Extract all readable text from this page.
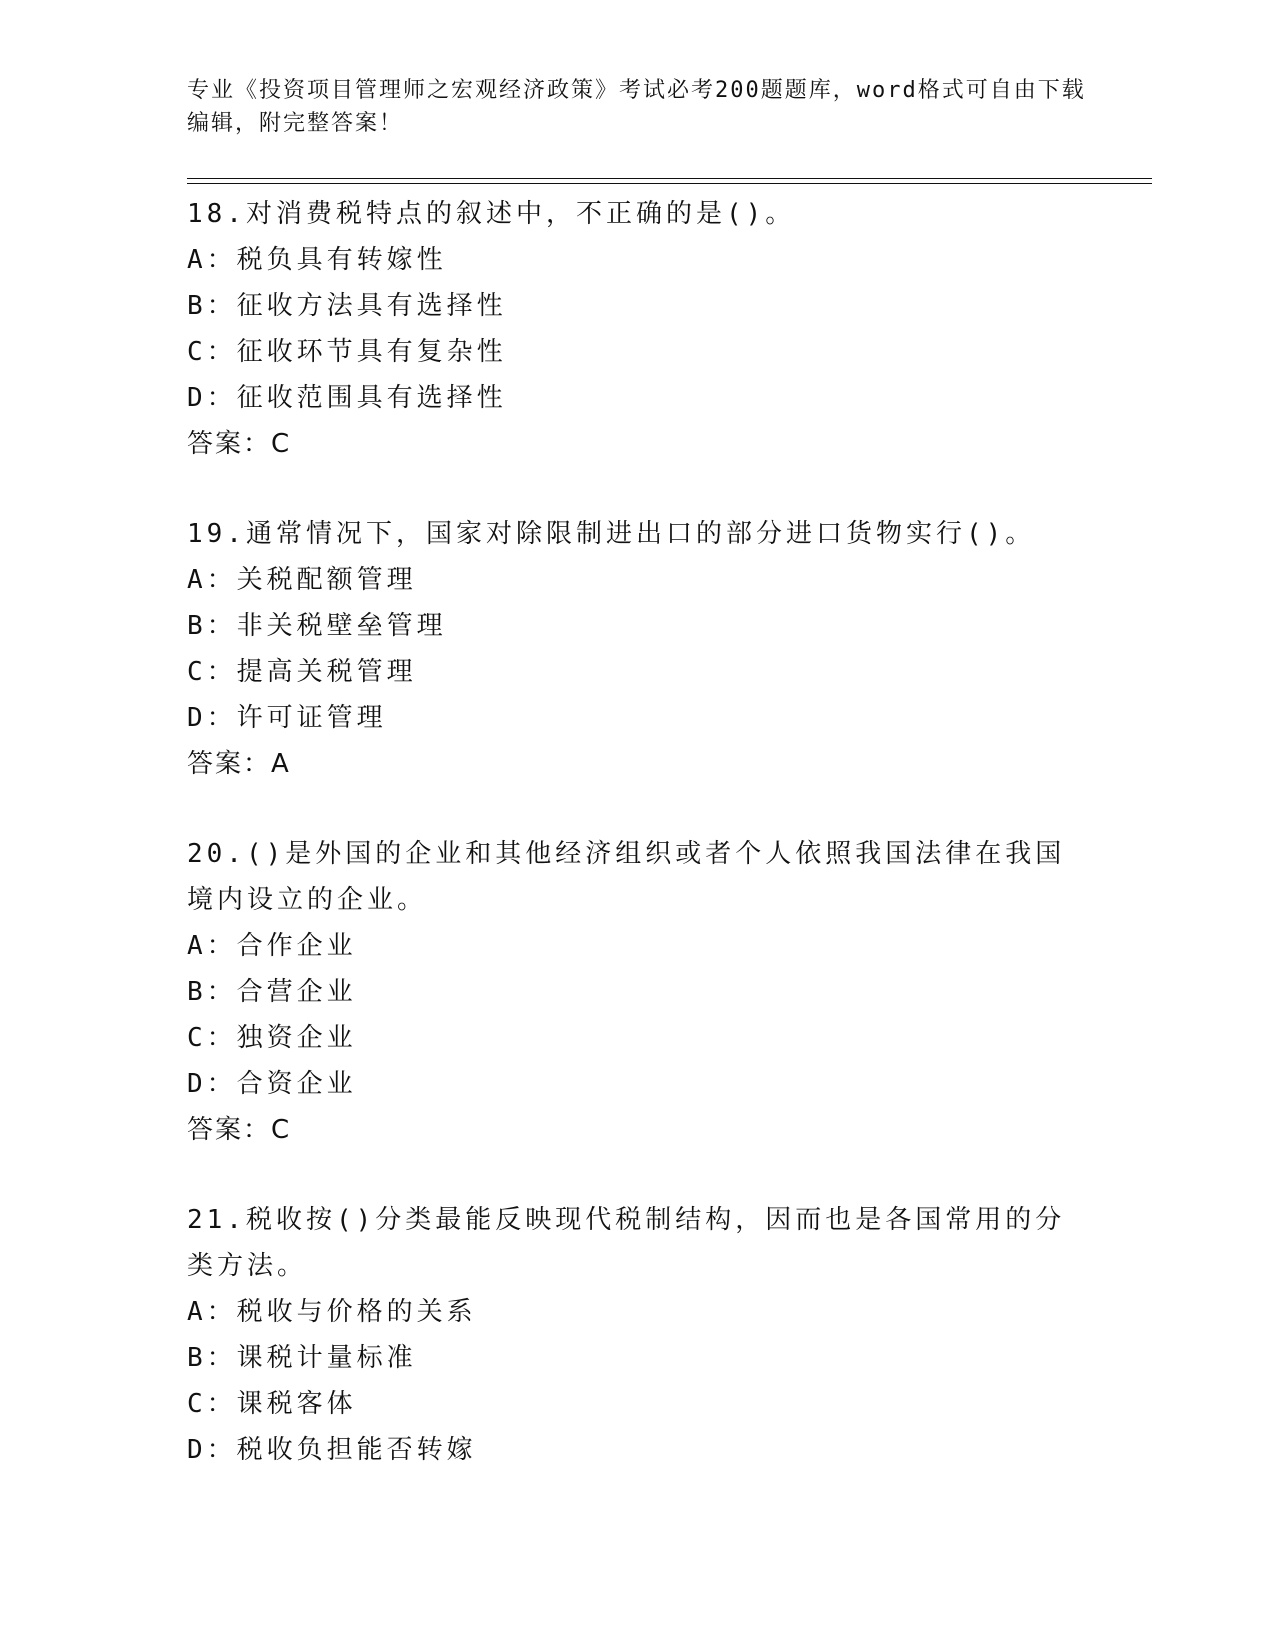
专业《投资项目管理师之宏观经济政策》考试必考200题题库，word格式可自由下载编辑，附完整答案！
18.对消费税特点的叙述中，不正确的是()。
A：税负具有转嫁性
B：征收方法具有选择性
C：征收环节具有复杂性
D：征收范围具有选择性
答案：C
19.通常情况下，国家对除限制进出口的部分进口货物实行()。
A：关税配额管理
B：非关税壁垒管理
C：提高关税管理
D：许可证管理
答案：A
20.()是外国的企业和其他经济组织或者个人依照我国法律在我国境内设立的企业。
A：合作企业
B：合营企业
C：独资企业
D：合资企业
答案：C
21.税收按()分类最能反映现代税制结构，因而也是各国常用的分类方法。
A：税收与价格的关系
B：课税计量标准
C：课税客体
D：税收负担能否转嫁
